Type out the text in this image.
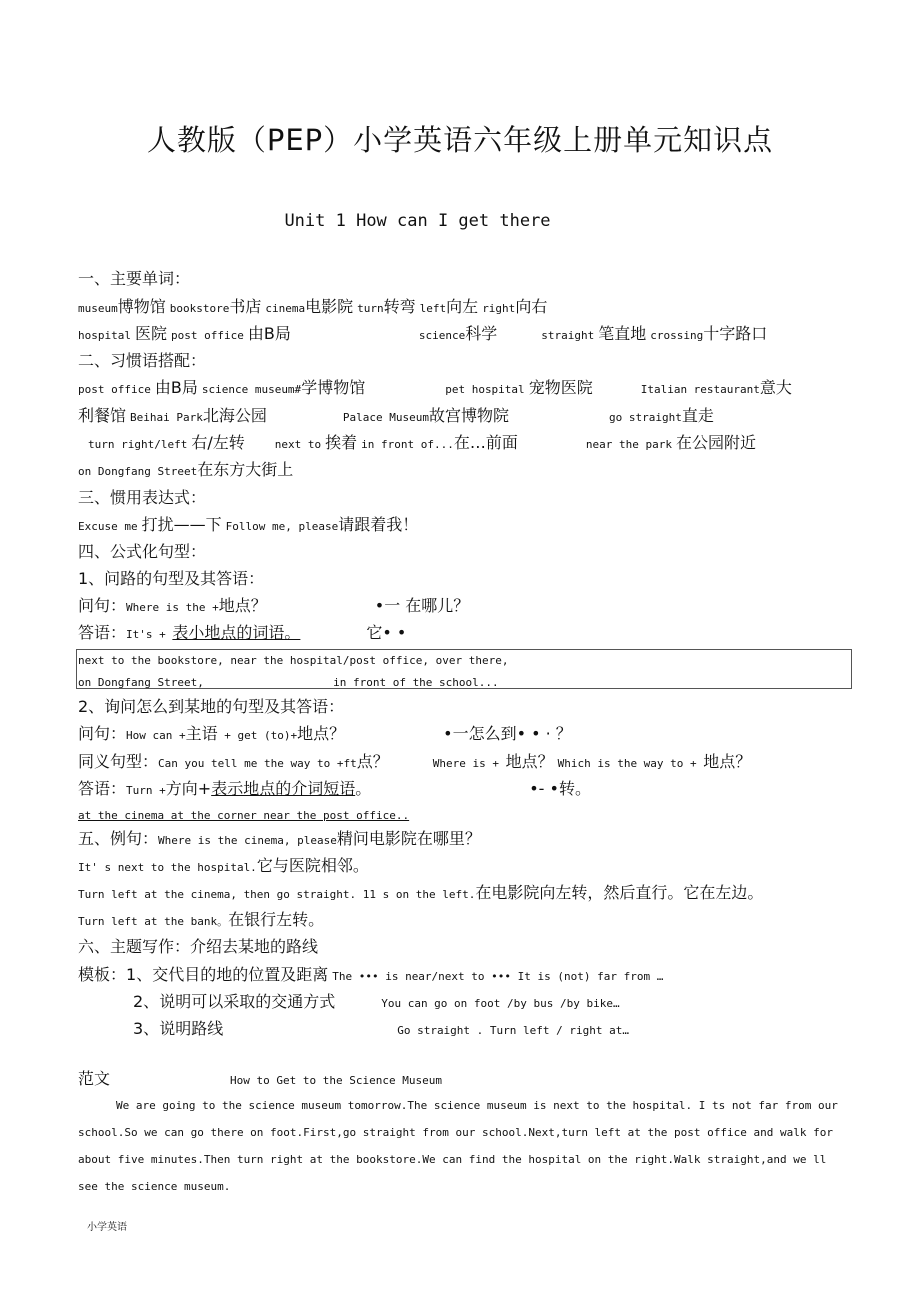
人教版（PEP）小学英语六年级上册单元知识点
Unit 1 How can I get there
一、主要单词：
museum博物馆 bookstore书店 cinema电影院 turn转弯 left向左 right向右
hospital 医院 post office 由B局	science科学	straight 笔直地 crossing十字路口
二、习惯语搭配：
post office 由B局 science museum#学博物馆	pet hospital 宠物医院	Italian restaurant意大
利餐馆 Beihai Park北海公园	Palace Museum故宫博物院	go straight直走
turn right/left 右/左转	next to 挨着 in front of...在…前面	near the park 在公园附近
on Dongfang Street在东方大街上
三、惯用表达式：
Excuse me 打扰——下 Follow me, please请跟着我！
四、公式化句型：
1、问路的句型及其答语：
问句：Where is the +地点？	•一 在哪儿？
答语：It's + 表小地点的词语。	它• •
next to the bookstore, near the hospital/post office, over there,
on Dongfang Street,	in front of the school...
2、询问怎么到某地的句型及其答语：
问句：How can +主语 + get (to)+地点？	•一怎么到• • · ？
同义句型：Can you tell me the way to +ft点？	Where is + 地点？ Which is the way to + 地点？
答语：Turn +方向+表示地点的介词短语。	•- •转。
at the cinema at the corner near the post office..
五、例句：Where is the cinema, please精问电影院在哪里？
It' s next to the hospital.它与医院相邻。
Turn left at the cinema, then go straight. 11 s on the left.在电影院向左转，然后直行。它在左边。
Turn left at the bank。在银行左转。
六、主题写作：介绍去某地的路线
模板：1、交代目的地的位置及距离 The ••• is near/next to ••• It is (not) far from …
2、说明可以采取的交通方式	You can go on foot /by bus /by bike…
3、说明路线	Go straight . Turn left / right at…
范文	How to Get to the Science Museum
We are going to the science museum tomorrow.The science museum is next to the hospital. I ts not far from our
school.So we can go there on foot.First,go straight from our school.Next,turn left at the post office and walk for
about five minutes.Then turn right at the bookstore.We can find the hospital on the right.Walk straight,and we ll
see the science museum.
小学英语
